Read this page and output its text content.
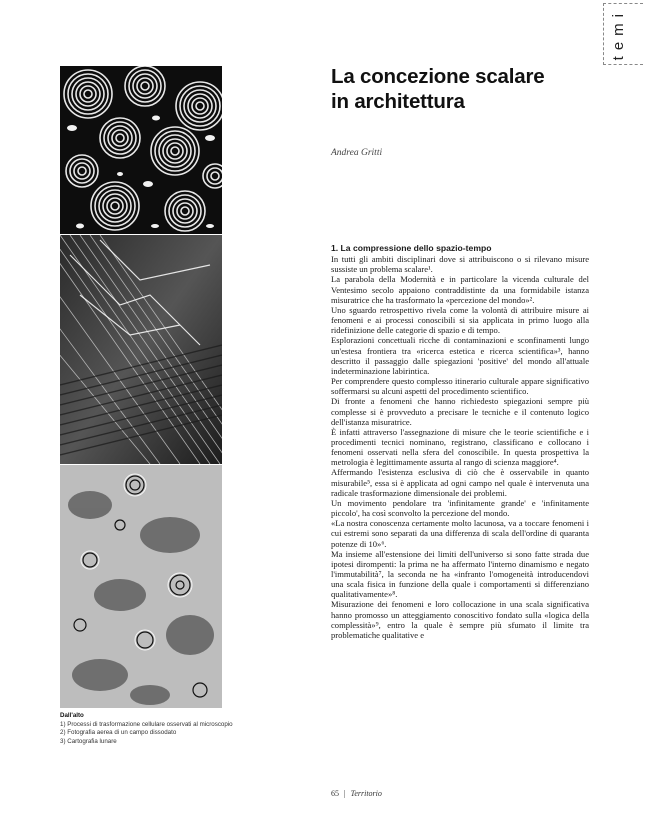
temi
Dall'alto
1) Processi di trasformazione cellulare osservati al microscopio
2) Fotografia aerea di un campo dissodato
3) Cartografia lunare
La concezione scalare
in architettura
Andrea Gritti
1. La compressione dello spazio-tempo

In tutti gli ambiti disciplinari dove si attribuiscono o si rilevano misure sussiste un problema scalare¹.

La parabola della Modernità e in particolare la vicenda culturale del Ventesimo secolo appaiono contraddistinte da una formidabile istanza misuratrice che ha trasformato la «percezione del mondo»².

Uno sguardo retrospettivo rivela come la volontà di attribuire misure ai fenomeni e ai processi conoscibili si sia applicata in primo luogo alla ridefinizione delle categorie di spazio e di tempo.

Esplorazioni concettuali ricche di contaminazioni e sconfinamenti lungo un'estesa frontiera tra «ricerca estetica e ricerca scientifica»³, hanno descritto il passaggio dalle spiegazioni 'positive' del mondo all'attuale indeterminazione labirintica.

Per comprendere questo complesso itinerario culturale appare significativo soffermarsi su alcuni aspetti del procedimento scientifico.

Di fronte a fenomeni che hanno richiedesto spiegazioni sempre più complesse si è provveduto a precisare le tecniche e il contenuto logico dell'istanza misuratrice.

È infatti attraverso l'assegnazione di misure che le teorie scientifiche e i procedimenti tecnici nominano, registrano, classificano e collocano i fenomeni osservati nella sfera del conoscibile. In questa prospettiva la metrologia è legittimamente assurta al rango di scienza maggiore⁴.

Affermando l'esistenza esclusiva di ciò che è osservabile in quanto misurabile⁵, essa si è applicata ad ogni campo nel quale è intervenuta una radicale trasformazione dimensionale dei problemi.

Un movimento pendolare tra 'infinitamente grande' e 'infinitamente piccolo', ha così sconvolto la percezione del mondo.

«La nostra conoscenza certamente molto lacunosa, va a toccare fenomeni i cui estremi sono separati da una differenza di scala dell'ordine di quaranta potenze di 10»⁶.

Ma insieme all'estensione dei limiti dell'universo si sono fatte strada due ipotesi dirompenti: la prima ne ha affermato l'interno dinamismo e negato l'immutabilità⁷, la seconda ne ha «infranto l'omogeneità introducendovi una scala fisica in funzione della quale i comportamenti si differenziano qualitativamente»⁸.

Misurazione dei fenomeni e loro collocazione in una scala significativa hanno promosso un atteggiamento conoscitivo fondato sulla «logica della complessità»⁹, entro la quale è sempre più sfumato il limite tra problematiche qualitative e

65 | Territorio
